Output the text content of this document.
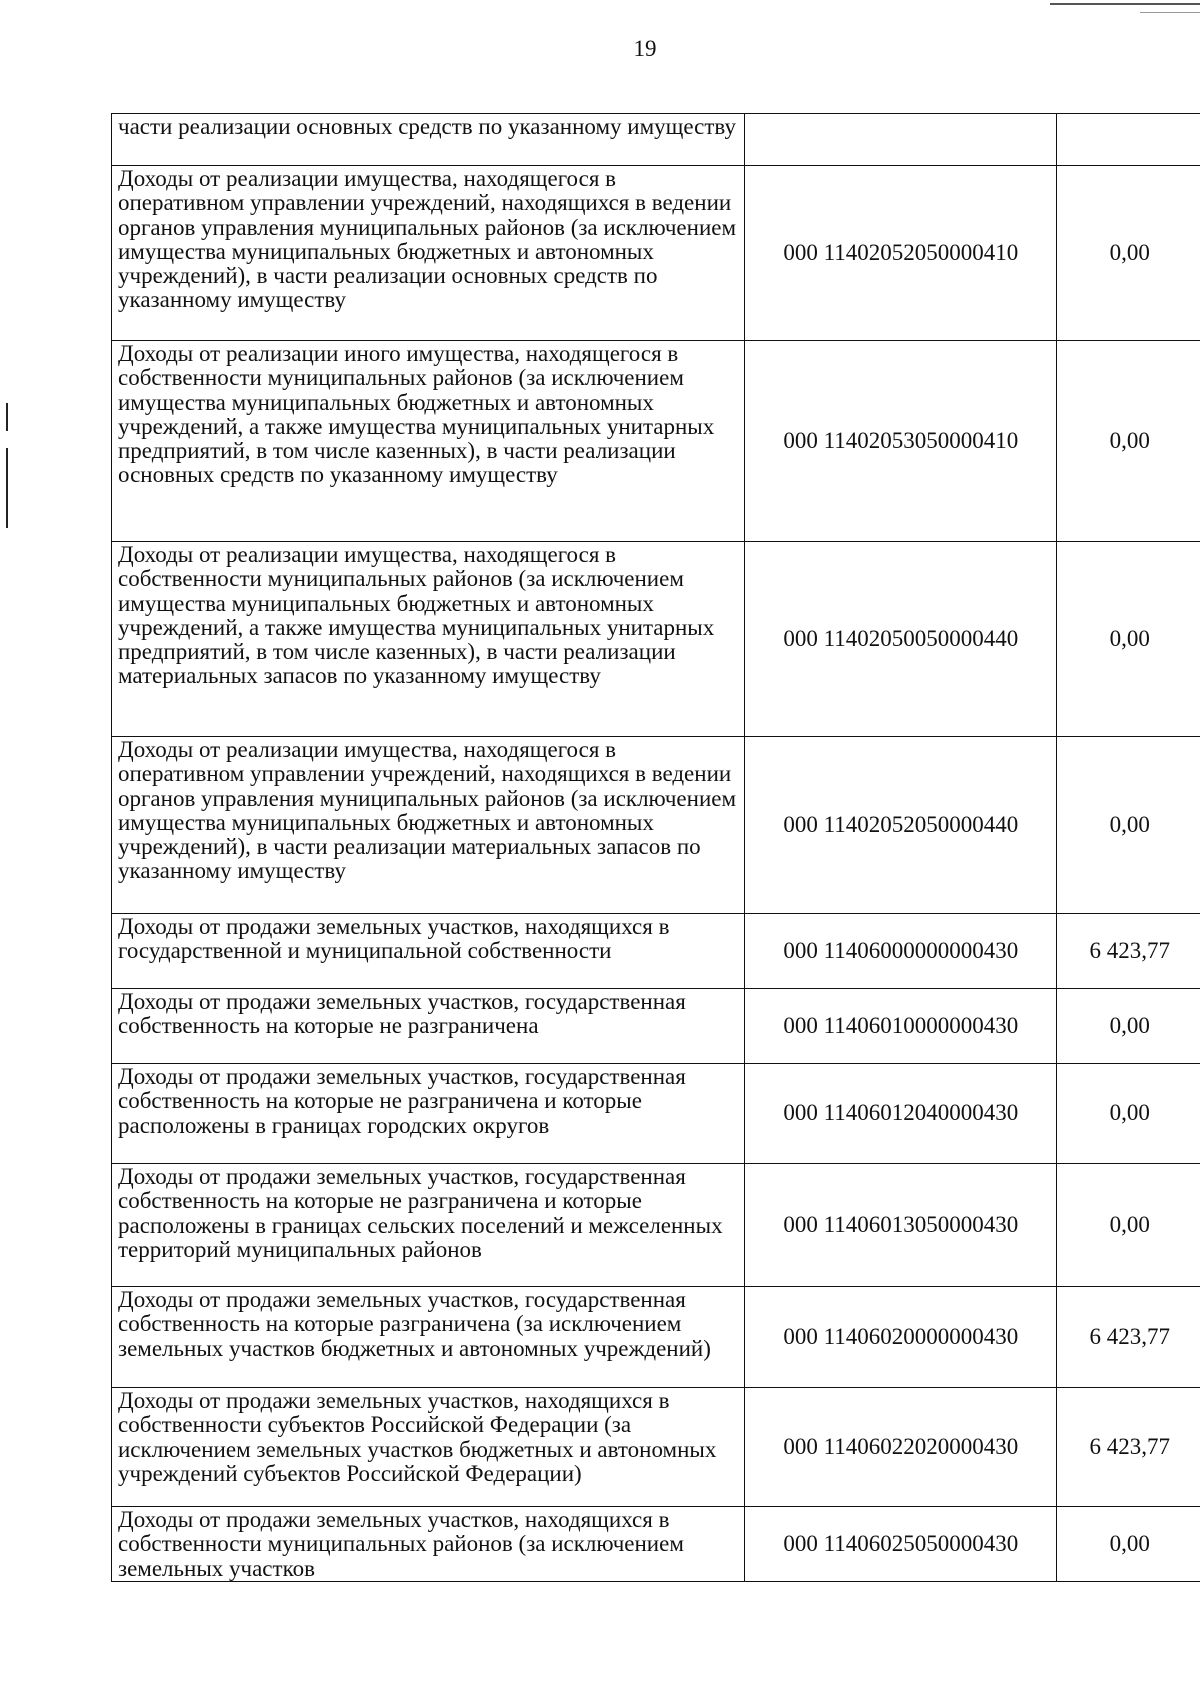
19
части реализации основных средств по указанному имуществу		
Доходы от реализации имущества, находящегося в оперативном управлении учреждений, находящихся в ведении органов управления муниципальных районов (за исключением имущества муниципальных бюджетных и автономных учреждений), в части реализации основных средств по указанному имуществу	000 11402052050000410	0,00
Доходы от реализации иного имущества, находящегося в собственности муниципальных районов (за исключением имущества муниципальных бюджетных и автономных учреждений, а также имущества муниципальных унитарных предприятий, в том числе казенных), в части реализации основных средств по указанному имуществу	000 11402053050000410	0,00
Доходы от реализации имущества, находящегося в собственности муниципальных районов (за исключением имущества муниципальных бюджетных и автономных учреждений, а также имущества муниципальных унитарных предприятий, в том числе казенных), в части реализации материальных запасов по указанному имуществу	000 11402050050000440	0,00
Доходы от реализации имущества, находящегося в оперативном управлении учреждений, находящихся в ведении органов управления муниципальных районов (за исключением имущества муниципальных бюджетных и автономных учреждений), в части реализации материальных запасов по указанному имуществу	000 11402052050000440	0,00
Доходы от продажи земельных участков, находящихся в государственной и муниципальной собственности	000 11406000000000430	6 423,77
Доходы от продажи земельных участков, государственная собственность на которые не разграничена	000 11406010000000430	0,00
Доходы от продажи земельных участков, государственная собственность на которые не разграничена и которые расположены в границах городских округов	000 11406012040000430	0,00
Доходы от продажи земельных участков, государственная собственность на которые не разграничена и которые расположены в границах сельских поселений и межселенных территорий муниципальных районов	000 11406013050000430	0,00
Доходы от продажи земельных участков, государственная собственность на которые разграничена (за исключением земельных участков бюджетных и автономных учреждений)	000 11406020000000430	6 423,77
Доходы от продажи земельных участков, находящихся в собственности субъектов Российской Федерации (за исключением земельных участков бюджетных и автономных учреждений субъектов Российской Федерации)	000 11406022020000430	6 423,77
Доходы от продажи земельных участков, находящихся в собственности муниципальных районов (за исключением земельных участков	000 11406025050000430	0,00
